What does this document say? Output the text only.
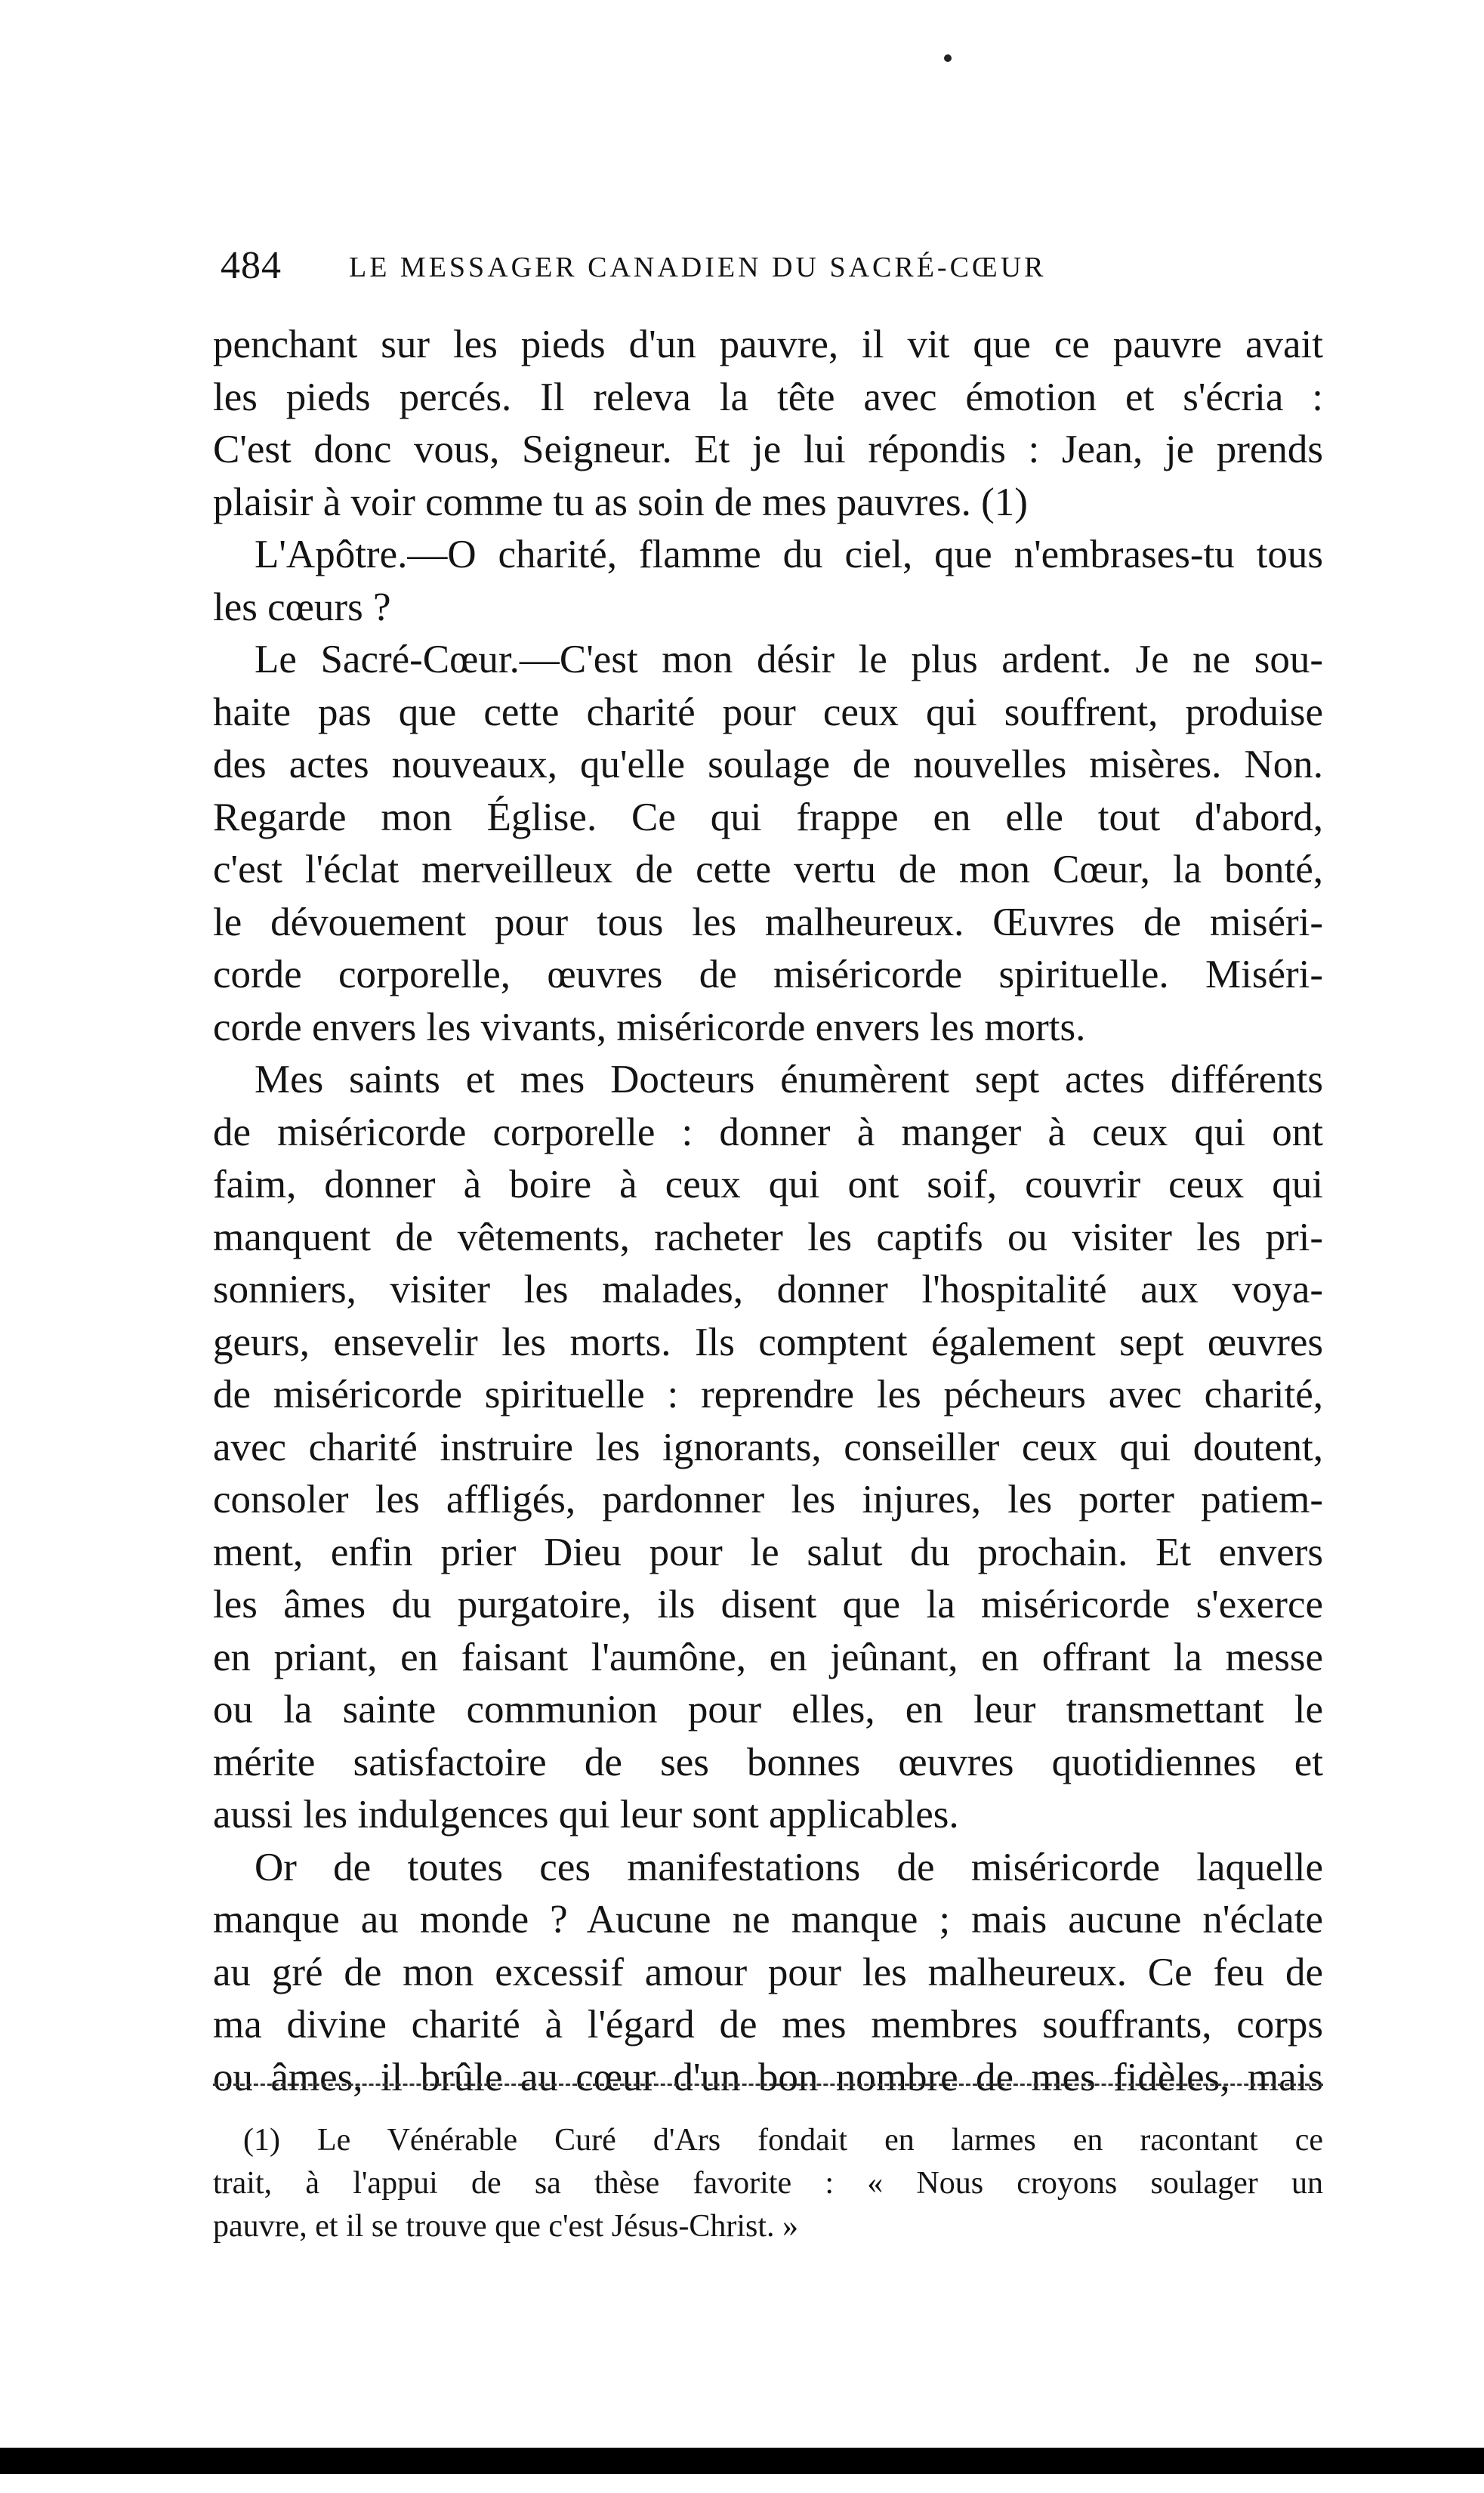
484 LE MESSAGER CANADIEN DU SACRÉ-CŒUR
penchant sur les pieds d'un pauvre, il vit que ce pauvre avait
les pieds percés. Il releva la tête avec émotion et s'écria :
C'est donc vous, Seigneur. Et je lui répondis : Jean, je prends
plaisir à voir comme tu as soin de mes pauvres. (1)
L'Apôtre.—O charité, flamme du ciel, que n'embrases-tu tous
les cœurs ?
Le Sacré-Cœur.—C'est mon désir le plus ardent. Je ne sou-
haite pas que cette charité pour ceux qui souffrent, produise
des actes nouveaux, qu'elle soulage de nouvelles misères. Non.
Regarde mon Église. Ce qui frappe en elle tout d'abord,
c'est l'éclat merveilleux de cette vertu de mon Cœur, la bonté,
le dévouement pour tous les malheureux. Œuvres de miséri-
corde corporelle, œuvres de miséricorde spirituelle. Miséri-
corde envers les vivants, miséricorde envers les morts.
Mes saints et mes Docteurs énumèrent sept actes différents
de miséricorde corporelle : donner à manger à ceux qui ont
faim, donner à boire à ceux qui ont soif, couvrir ceux qui
manquent de vêtements, racheter les captifs ou visiter les pri-
sonniers, visiter les malades, donner l'hospitalité aux voya-
geurs, ensevelir les morts. Ils comptent également sept œuvres
de miséricorde spirituelle : reprendre les pécheurs avec charité,
avec charité instruire les ignorants, conseiller ceux qui doutent,
consoler les affligés, pardonner les injures, les porter patiem-
ment, enfin prier Dieu pour le salut du prochain. Et envers
les âmes du purgatoire, ils disent que la miséricorde s'exerce
en priant, en faisant l'aumône, en jeûnant, en offrant la messe
ou la sainte communion pour elles, en leur transmettant le
mérite satisfactoire de ses bonnes œuvres quotidiennes et
aussi les indulgences qui leur sont applicables.
Or de toutes ces manifestations de miséricorde laquelle
manque au monde ? Aucune ne manque ; mais aucune n'éclate
au gré de mon excessif amour pour les malheureux. Ce feu de
ma divine charité à l'égard de mes membres souffrants, corps
ou âmes, il brûle au cœur d'un bon nombre de mes fidèles, mais
(1) Le Vénérable Curé d'Ars fondait en larmes en racontant ce
trait, à l'appui de sa thèse favorite : « Nous croyons soulager un
pauvre, et il se trouve que c'est Jésus-Christ. »
